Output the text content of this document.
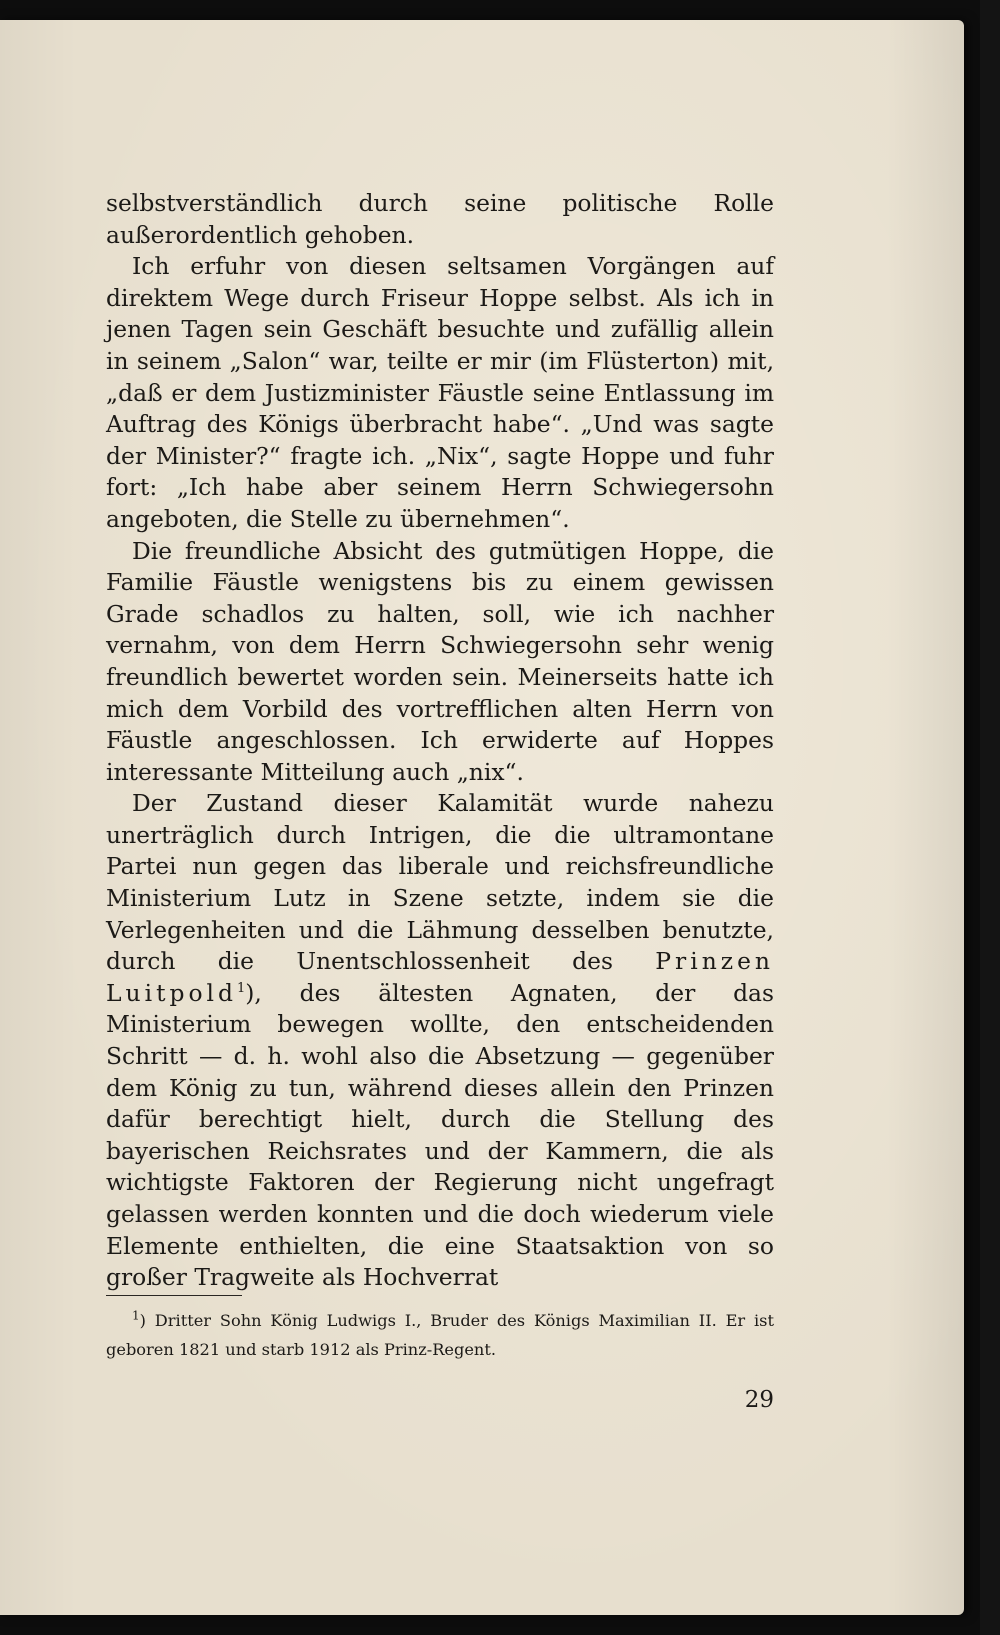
selbstverständlich durch seine politische Rolle außerordentlich gehoben.

Ich erfuhr von diesen seltsamen Vorgängen auf direktem Wege durch Friseur Hoppe selbst. Als ich in jenen Tagen sein Geschäft besuchte und zufällig allein in seinem „Salon“ war, teilte er mir (im Flüsterton) mit, „daß er dem Justizminister Fäustle seine Entlassung im Auftrag des Königs überbracht habe“. „Und was sagte der Minister?“ fragte ich. „Nix“, sagte Hoppe und fuhr fort: „Ich habe aber seinem Herrn Schwiegersohn angeboten, die Stelle zu übernehmen“.

Die freundliche Absicht des gutmütigen Hoppe, die Familie Fäustle wenigstens bis zu einem gewissen Grade schadlos zu halten, soll, wie ich nachher vernahm, von dem Herrn Schwiegersohn sehr wenig freundlich bewertet worden sein. Meinerseits hatte ich mich dem Vorbild des vortrefflichen alten Herrn von Fäustle angeschlossen. Ich erwiderte auf Hoppes interessante Mitteilung auch „nix“.

Der Zustand dieser Kalamität wurde nahezu unerträglich durch Intrigen, die die ultramontane Partei nun gegen das liberale und reichsfreundliche Ministerium Lutz in Szene setzte, indem sie die Verlegenheiten und die Lähmung desselben benutzte, durch die Unentschlossenheit des Prinzen Luitpold$^1$), des ältesten Agnaten, der das Ministerium bewegen wollte, den entscheidenden Schritt — d. h. wohl also die Absetzung — gegenüber dem König zu tun, während dieses allein den Prinzen dafür berechtigt hielt, durch die Stellung des bayerischen Reichsrates und der Kammern, die als wichtigste Faktoren der Regierung nicht ungefragt gelassen werden konnten und die doch wiederum viele Elemente enthielten, die eine Staatsaktion von so großer Tragweite als Hochverrat

$^1$) Dritter Sohn König Ludwigs I., Bruder des Königs Maximilian II. Er ist geboren 1821 und starb 1912 als Prinz-Regent.

29
